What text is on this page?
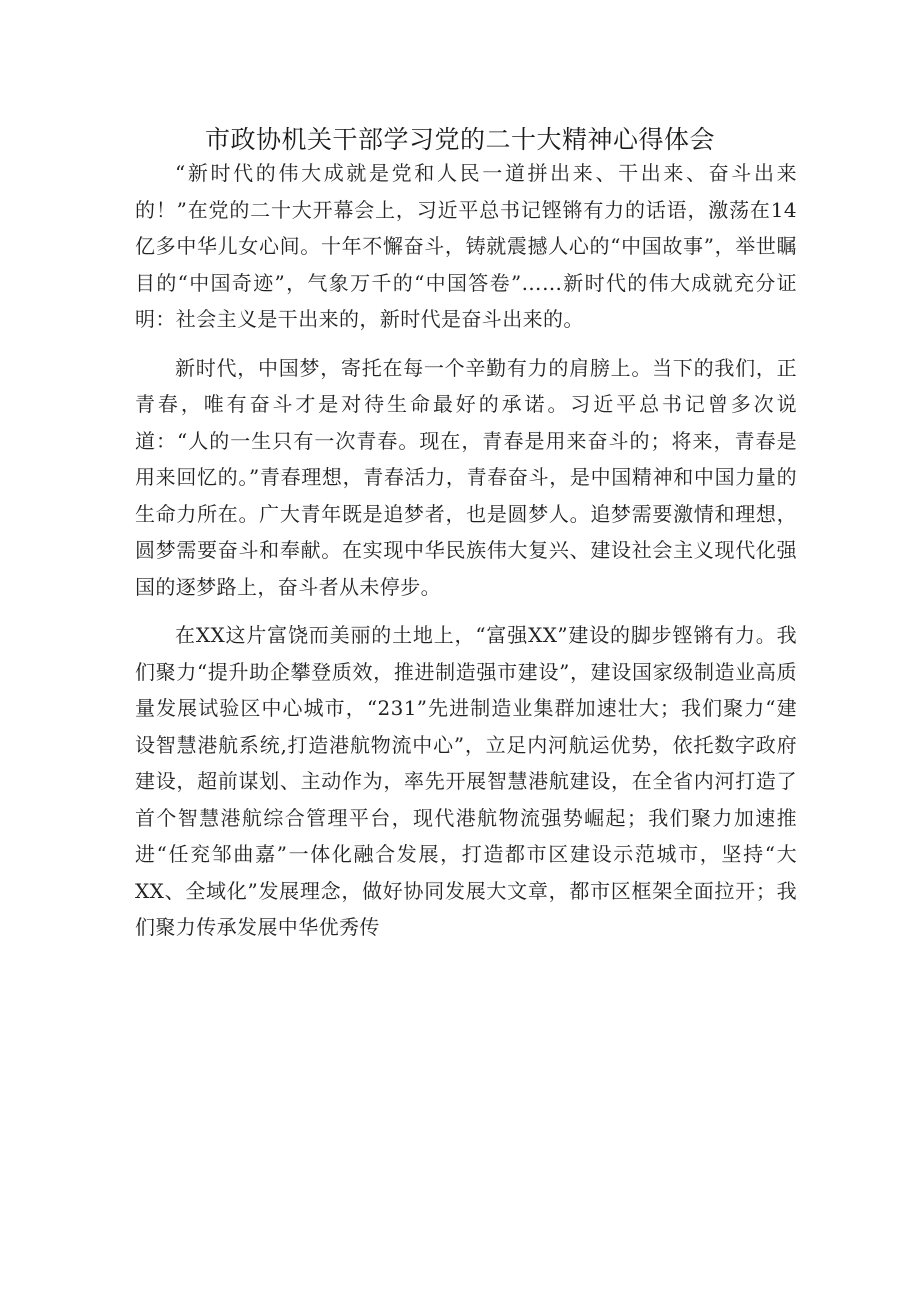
市政协机关干部学习党的二十大精神心得体会

“新时代的伟大成就是党和人民一道拼出来、干出来、奋斗出来的！”在党的二十大开幕会上，习近平总书记铿锵有力的话语，激荡在14亿多中华儿女心间。十年不懈奋斗，铸就震撼人心的“中国故事”，举世瞩目的“中国奇迹”，气象万千的“中国答卷”……新时代的伟大成就充分证明：社会主义是干出来的，新时代是奋斗出来的。

新时代，中国梦，寄托在每一个辛勤有力的肩膀上。当下的我们，正青春，唯有奋斗才是对待生命最好的承诺。习近平总书记曾多次说道：“人的一生只有一次青春。现在，青春是用来奋斗的；将来，青春是用来回忆的。”青春理想，青春活力，青春奋斗，是中国精神和中国力量的生命力所在。广大青年既是追梦者，也是圆梦人。追梦需要激情和理想，圆梦需要奋斗和奉献。在实现中华民族伟大复兴、建设社会主义现代化强国的逐梦路上，奋斗者从未停步。

在XX这片富饶而美丽的土地上，“富强XX”建设的脚步铿锵有力。我们聚力“提升助企攀登质效，推进制造强市建设”，建设国家级制造业高质量发展试验区中心城市，“231”先进制造业集群加速壮大；我们聚力“建设智慧港航系统,打造港航物流中心”，立足内河航运优势，依托数字政府建设，超前谋划、主动作为，率先开展智慧港航建设，在全省内河打造了首个智慧港航综合管理平台，现代港航物流强势崛起；我们聚力加速推进“任兖邹曲嘉”一体化融合发展，打造都市区建设示范城市，坚持“大XX、全域化”发展理念，做好协同发展大文章，都市区框架全面拉开；我们聚力传承发展中华优秀传
